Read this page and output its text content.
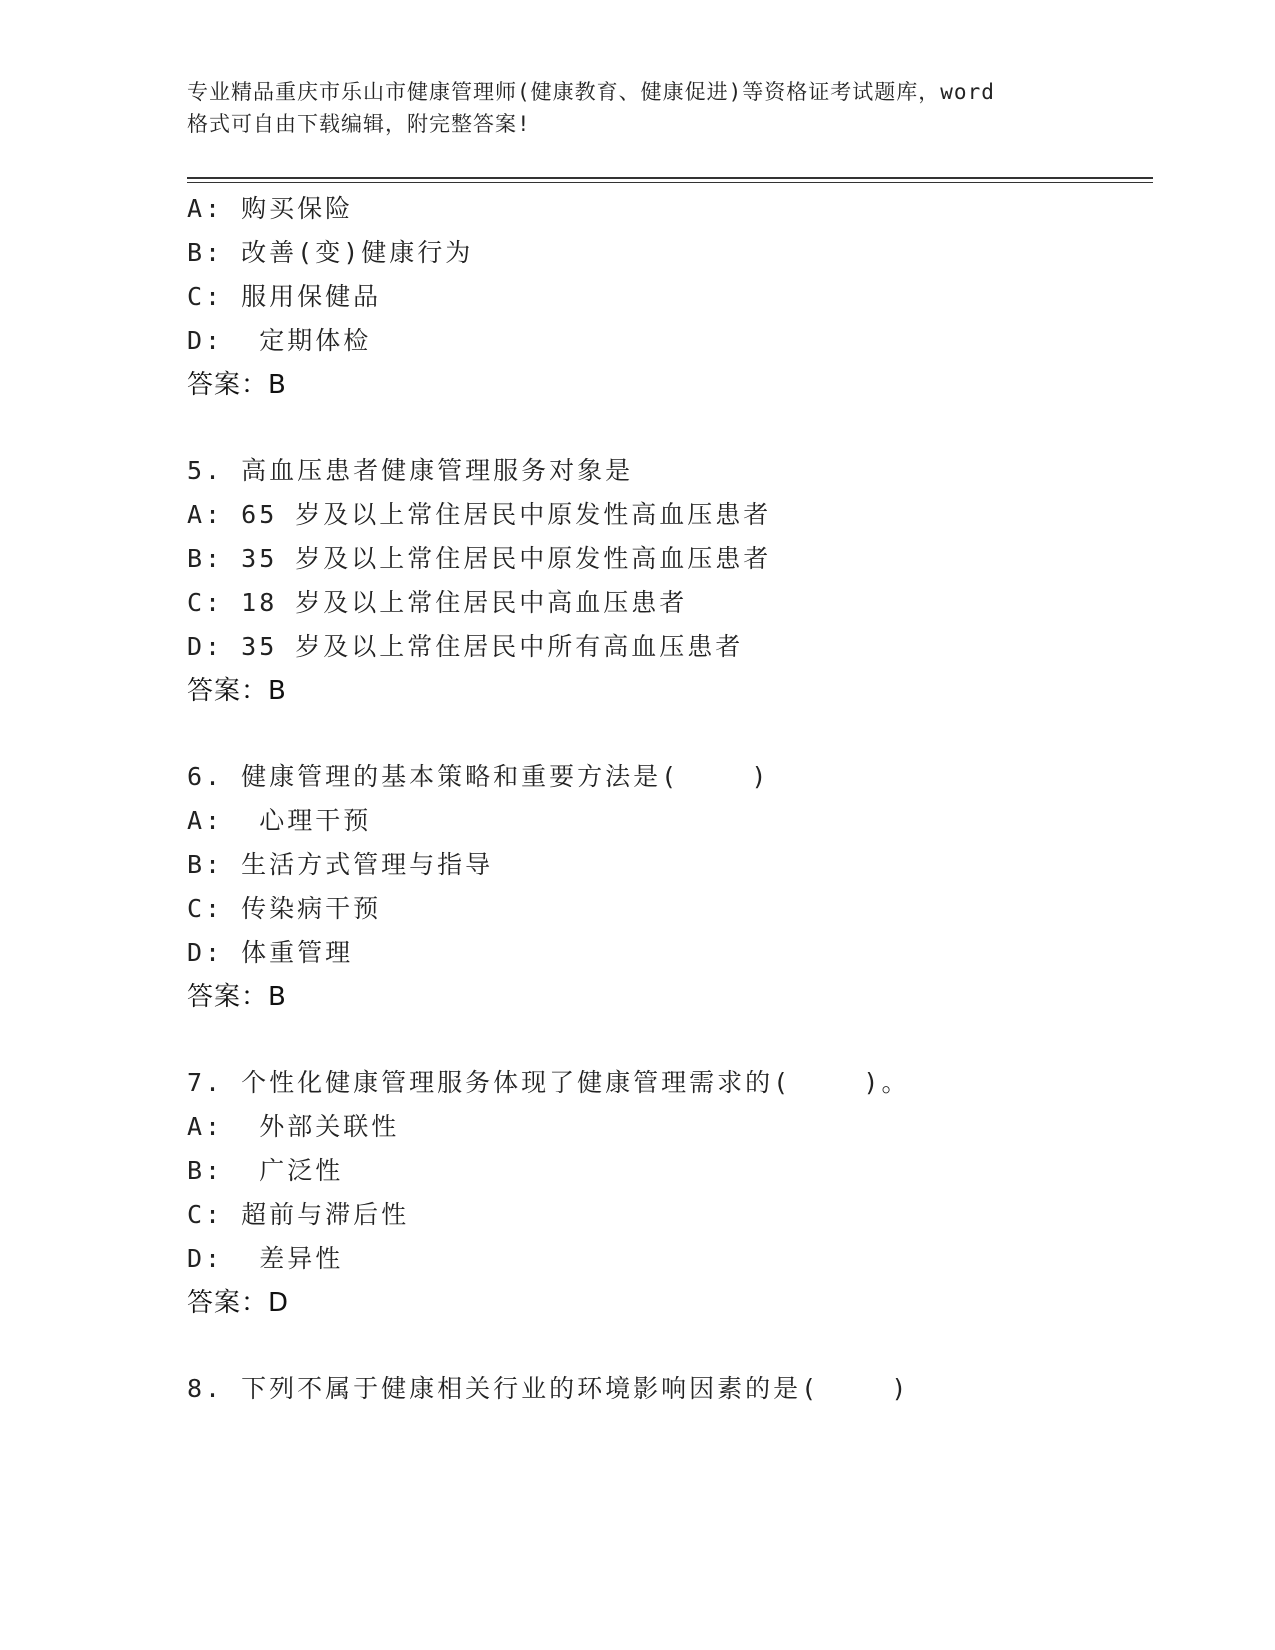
专业精品重庆市乐山市健康管理师(健康教育、健康促进)等资格证考试题库，word
格式可自由下载编辑，附完整答案!
A: 购买保险
B: 改善(变)健康行为
C: 服用保健品
D:  定期体检
答案：B
5. 高血压患者健康管理服务对象是
A: 65 岁及以上常住居民中原发性高血压患者
B: 35 岁及以上常住居民中原发性高血压患者
C: 18 岁及以上常住居民中高血压患者
D: 35 岁及以上常住居民中所有高血压患者
答案：B
6. 健康管理的基本策略和重要方法是(    )
A:  心理干预
B: 生活方式管理与指导
C: 传染病干预
D: 体重管理
答案：B
7. 个性化健康管理服务体现了健康管理需求的(    )。
A:  外部关联性
B:  广泛性
C: 超前与滞后性
D:  差异性
答案：D
8. 下列不属于健康相关行业的环境影响因素的是(    )
